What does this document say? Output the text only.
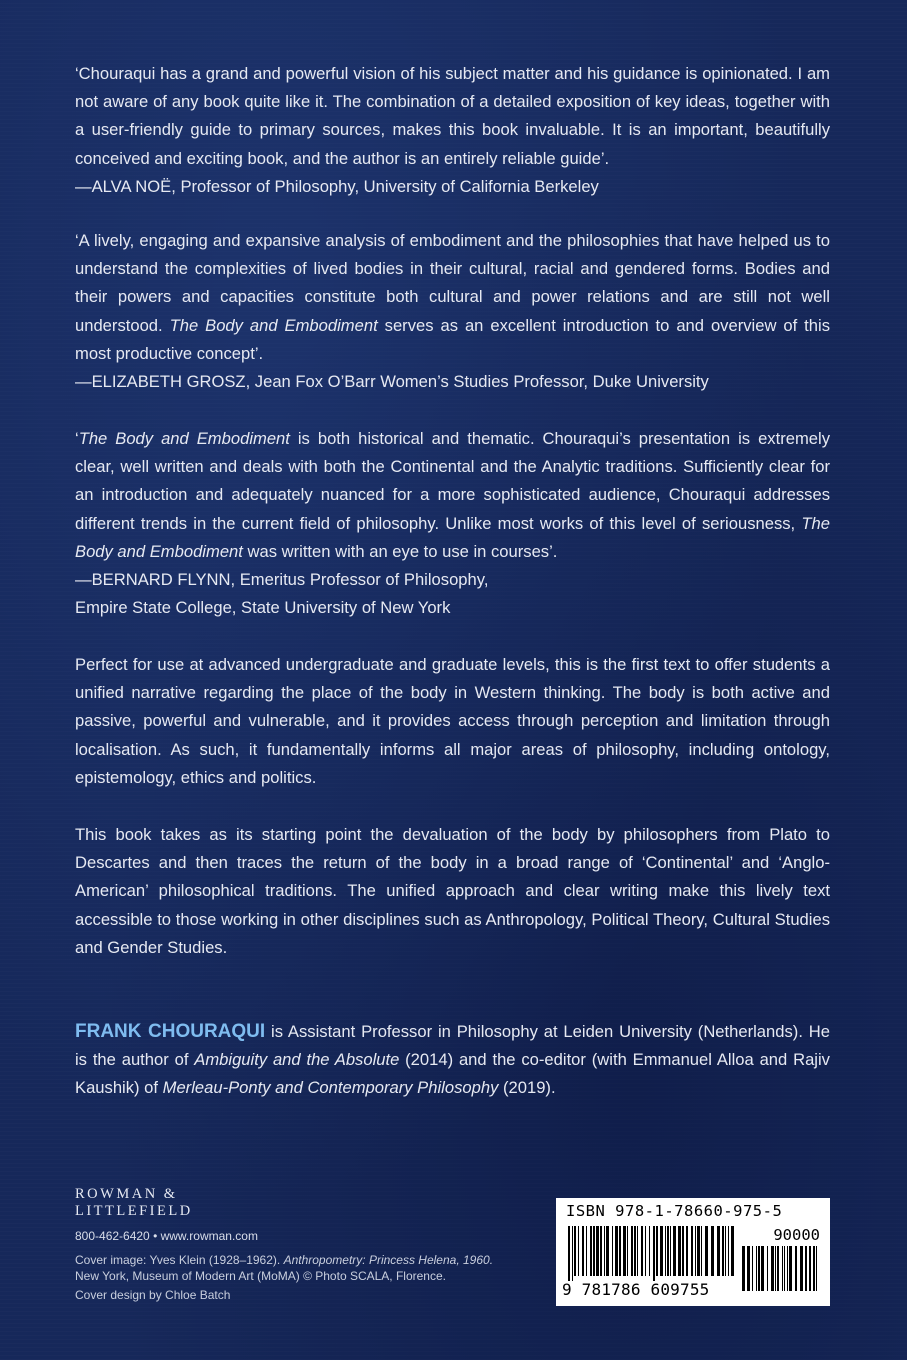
‘Chouraqui has a grand and powerful vision of his subject matter and his guidance is opinionated. I am not aware of any book quite like it. The combination of a detailed exposition of key ideas, together with a user-friendly guide to primary sources, makes this book invaluable. It is an important, beautifully conceived and exciting book, and the author is an entirely reliable guide’.

—ALVA NOË, Professor of Philosophy, University of California Berkeley

‘A lively, engaging and expansive analysis of embodiment and the philosophies that have helped us to understand the complexities of lived bodies in their cultural, racial and gendered forms. Bodies and their powers and capacities constitute both cultural and power relations and are still not well understood. The Body and Embodiment serves as an excellent introduction to and overview of this most productive concept’.

—ELIZABETH GROSZ, Jean Fox O’Barr Women’s Studies Professor, Duke University

‘The Body and Embodiment is both historical and thematic. Chouraqui’s presentation is extremely clear, well written and deals with both the Continental and the Analytic traditions. Sufficiently clear for an introduction and adequately nuanced for a more sophisticated audience, Chouraqui addresses different trends in the current field of philosophy. Unlike most works of this level of seriousness, The Body and Embodiment was written with an eye to use in courses’.

—BERNARD FLYNN, Emeritus Professor of Philosophy,

Empire State College, State University of New York

Perfect for use at advanced undergraduate and graduate levels, this is the first text to offer students a unified narrative regarding the place of the body in Western thinking. The body is both active and passive, powerful and vulnerable, and it provides access through perception and limitation through localisation. As such, it fundamentally informs all major areas of philosophy, including ontology, epistemology, ethics and politics.

This book takes as its starting point the devaluation of the body by philosophers from Plato to Descartes and then traces the return of the body in a broad range of ‘Continental’ and ‘Anglo-American’ philosophical traditions. The unified approach and clear writing make this lively text accessible to those working in other disciplines such as Anthropology, Political Theory, Cultural Studies and Gender Studies.

FRANK CHOURAQUI is Assistant Professor in Philosophy at Leiden University (Netherlands). He is the author of Ambiguity and the Absolute (2014) and the co-editor (with Emmanuel Alloa and Rajiv Kaushik) of Merleau-Ponty and Contemporary Philosophy (2019).

ROWMAN &
LITTLEFIELD
800-462-6420 • www.rowman.com
Cover image: Yves Klein (1928–1962). Anthropometry: Princess Helena, 1960.
New York, Museum of Modern Art (MoMA) © Photo SCALA, Florence.
Cover design by Chloe Batch
ISBN 978-1-78660-975-5
90000
9 781786 609755
